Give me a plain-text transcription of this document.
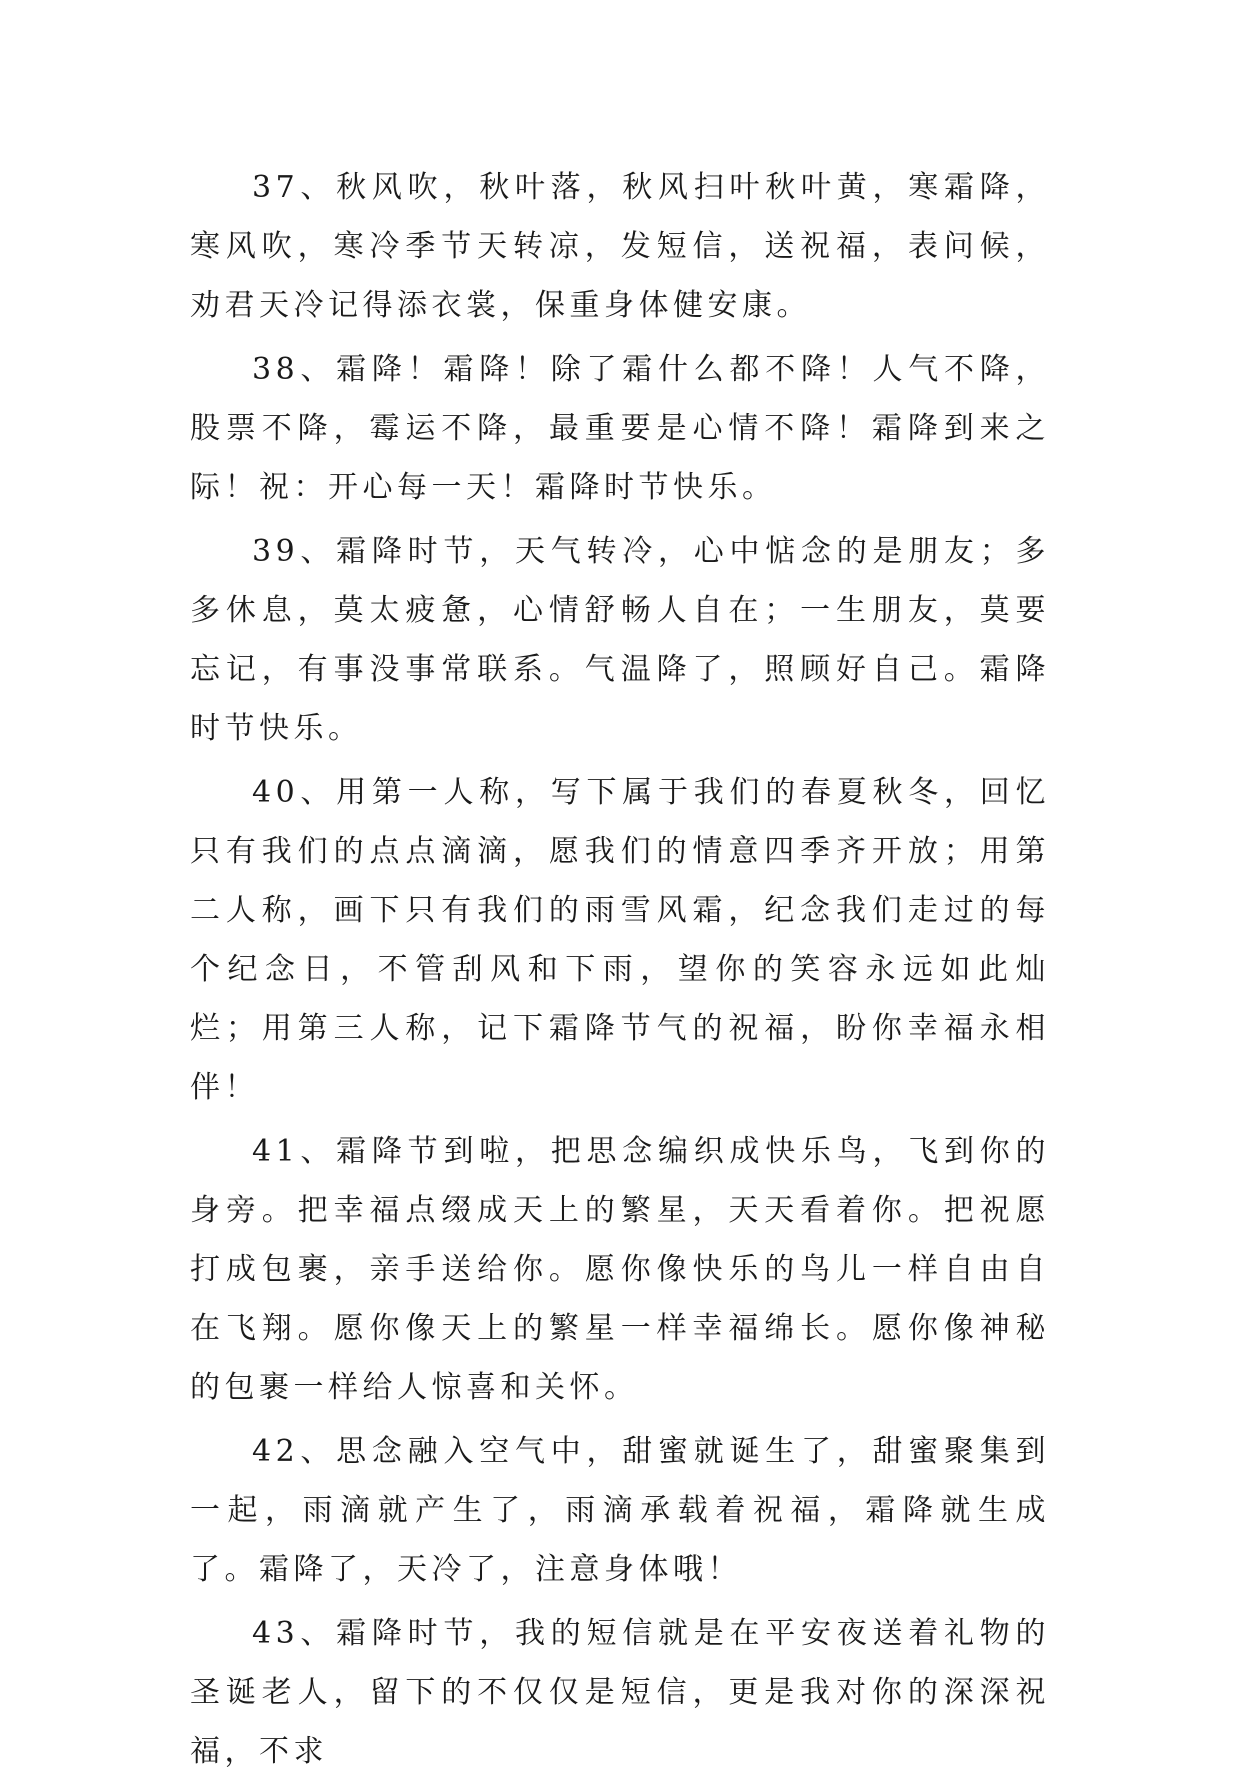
37、秋风吹，秋叶落，秋风扫叶秋叶黄，寒霜降，寒风吹，寒冷季节天转凉，发短信，送祝福，表问候，劝君天冷记得添衣裳，保重身体健安康。

38、霜降！霜降！除了霜什么都不降！人气不降，股票不降，霉运不降，最重要是心情不降！霜降到来之际！祝：开心每一天！霜降时节快乐。

39、霜降时节，天气转冷，心中惦念的是朋友；多多休息，莫太疲惫，心情舒畅人自在；一生朋友，莫要忘记，有事没事常联系。气温降了，照顾好自己。霜降时节快乐。

40、用第一人称，写下属于我们的春夏秋冬，回忆只有我们的点点滴滴，愿我们的情意四季齐开放；用第二人称，画下只有我们的雨雪风霜，纪念我们走过的每个纪念日，不管刮风和下雨，望你的笑容永远如此灿烂；用第三人称，记下霜降节气的祝福，盼你幸福永相伴！

41、霜降节到啦，把思念编织成快乐鸟，飞到你的身旁。把幸福点缀成天上的繁星，天天看着你。把祝愿打成包裹，亲手送给你。愿你像快乐的鸟儿一样自由自在飞翔。愿你像天上的繁星一样幸福绵长。愿你像神秘的包裹一样给人惊喜和关怀。

42、思念融入空气中，甜蜜就诞生了，甜蜜聚集到一起，雨滴就产生了，雨滴承载着祝福，霜降就生成了。霜降了，天冷了，注意身体哦！

43、霜降时节，我的短信就是在平安夜送着礼物的圣诞老人，留下的不仅仅是短信，更是我对你的深深祝福，不求
